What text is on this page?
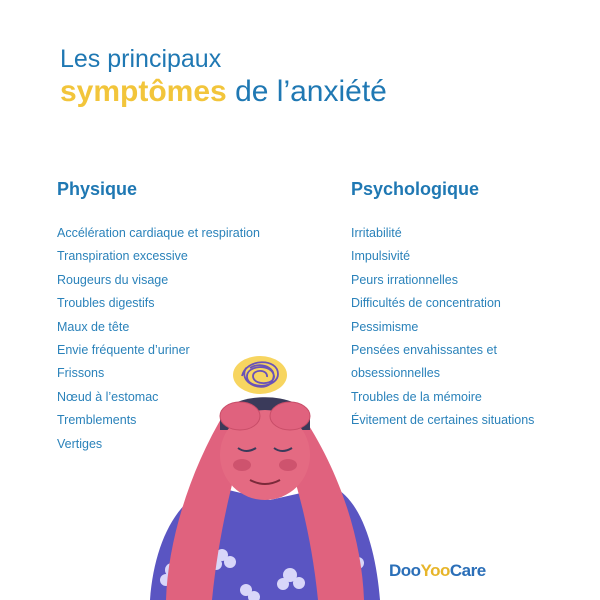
Les principaux
symptômes de l’anxiété
Physique
Accélération cardiaque et respiration
Transpiration excessive
Rougeurs du visage
Troubles digestifs
Maux de tête
Envie fréquente d’uriner
Frissons
Nœud à l’estomac
Tremblements
Vertiges
Psychologique
Irritabilité
Impulsivité
Peurs irrationnelles
Difficultés de concentration
Pessimisme
Pensées envahissantes et
obsessionnelles
Troubles de la mémoire
Évitement de certaines situations
DooYooCare
